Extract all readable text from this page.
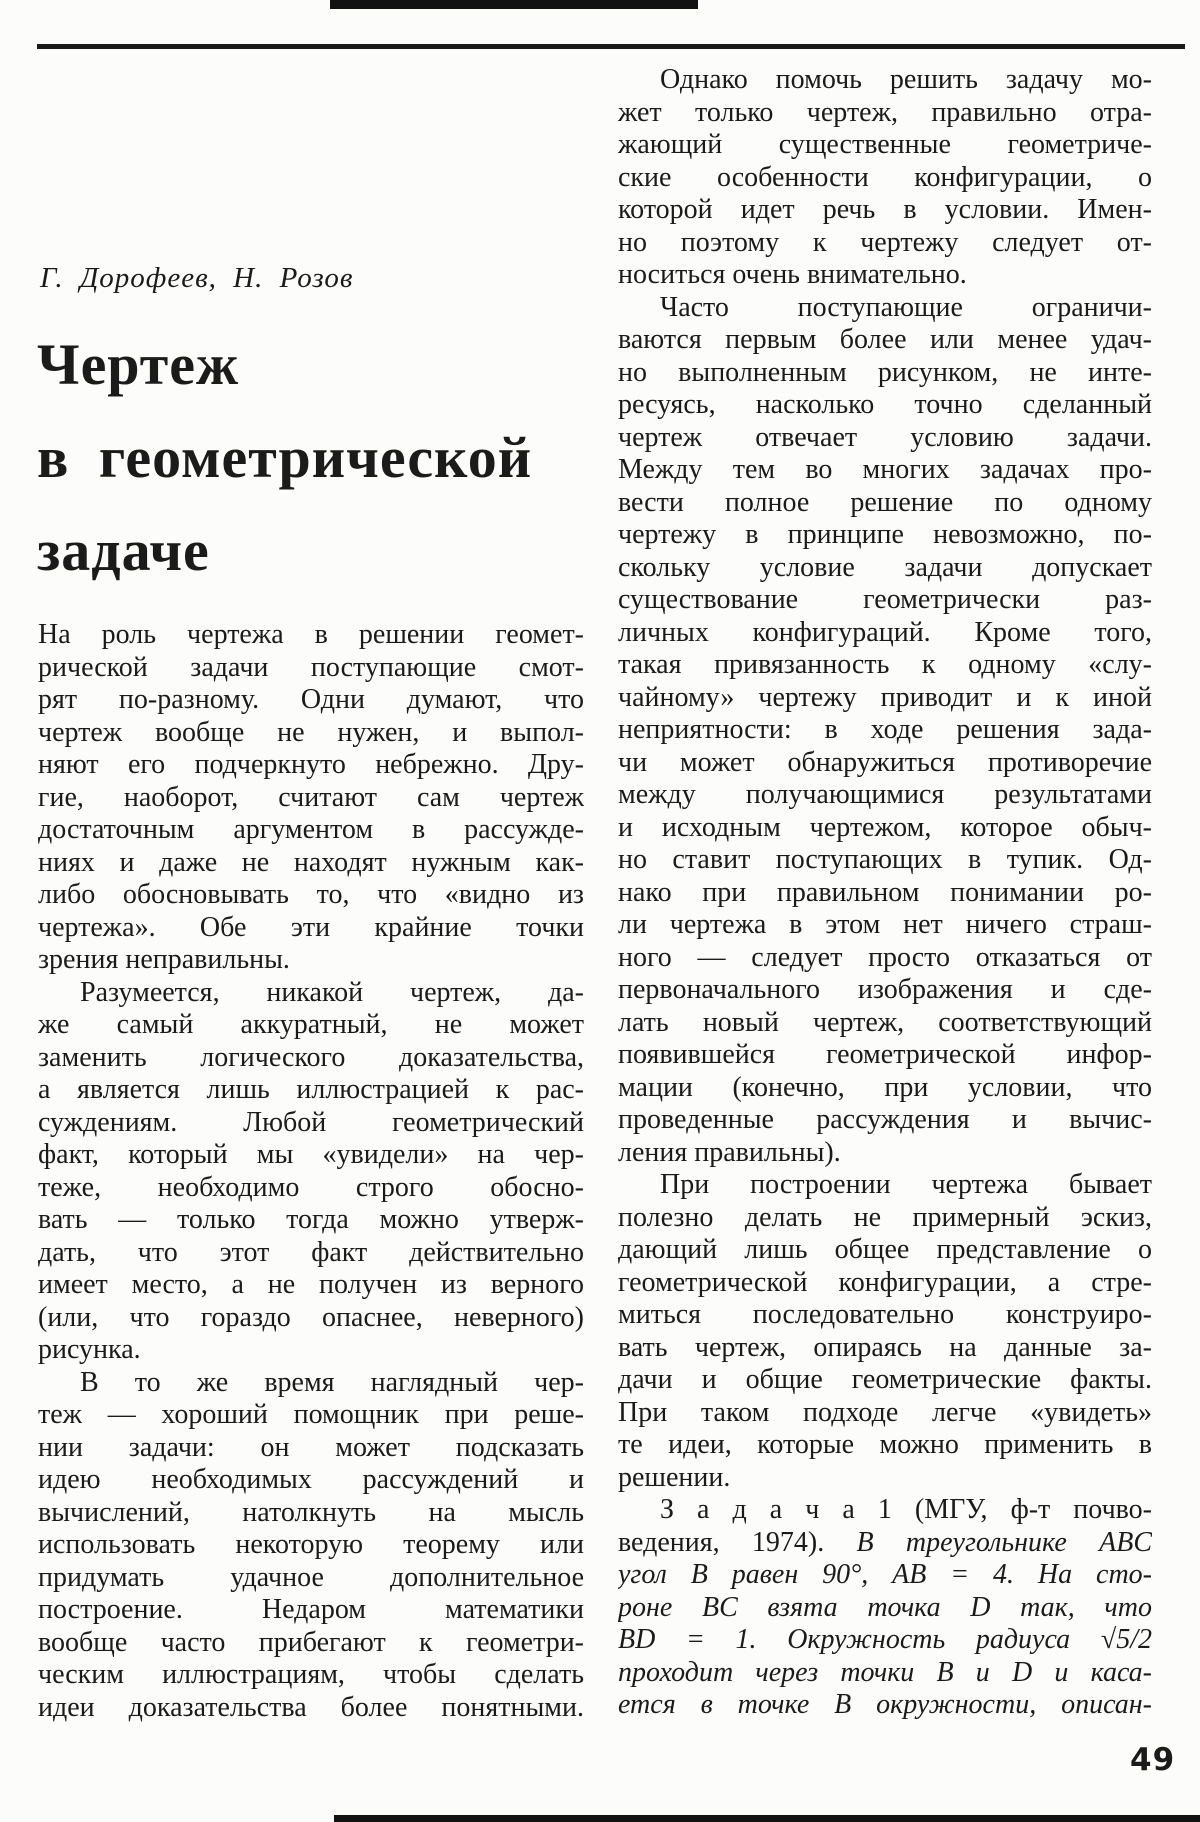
Г. Дорофеев, Н. Розов
Чертеж
в геометрической
задаче
На роль чертежа в решении геомет-
рической задачи поступающие смот-
рят по-разному. Одни думают, что
чертеж вообще не нужен, и выпол-
няют его подчеркнуто небрежно. Дру-
гие, наоборот, считают сам чертеж
достаточным аргументом в рассужде-
ниях и даже не находят нужным как-
либо обосновывать то, что «видно из
чертежа». Обе эти крайние точки
зрения неправильны.
Разумеется, никакой чертеж, да-
же самый аккуратный, не может
заменить логического доказательства,
а является лишь иллюстрацией к рас-
суждениям. Любой геометрический
факт, который мы «увидели» на чер-
теже, необходимо строго обосно-
вать — только тогда можно утверж-
дать, что этот факт действительно
имеет место, а не получен из верного
(или, что гораздо опаснее, неверного)
рисунка.
В то же время наглядный чер-
теж — хороший помощник при реше-
нии задачи: он может подсказать
идею необходимых рассуждений и
вычислений, натолкнуть на мысль
использовать некоторую теорему или
придумать удачное дополнительное
построение. Недаром математики
вообще часто прибегают к геометри-
ческим иллюстрациям, чтобы сделать
идеи доказательства более понятными.
Однако помочь решить задачу мо-
жет только чертеж, правильно отра-
жающий существенные геометриче-
ские особенности конфигурации, о
которой идет речь в условии. Имен-
но поэтому к чертежу следует от-
носиться очень внимательно.
Часто поступающие ограничи-
ваются первым более или менее удач-
но выполненным рисунком, не инте-
ресуясь, насколько точно сделанный
чертеж отвечает условию задачи.
Между тем во многих задачах про-
вести полное решение по одному
чертежу в принципе невозможно, по-
скольку условие задачи допускает
существование геометрически раз-
личных конфигураций. Кроме того,
такая привязанность к одному «слу-
чайному» чертежу приводит и к иной
неприятности: в ходе решения зада-
чи может обнаружиться противоречие
между получающимися результатами
и исходным чертежом, которое обыч-
но ставит поступающих в тупик. Од-
нако при правильном понимании ро-
ли чертежа в этом нет ничего страш-
ного — следует просто отказаться от
первоначального изображения и сде-
лать новый чертеж, соответствующий
появившейся геометрической инфор-
мации (конечно, при условии, что
проведенные рассуждения и вычис-
ления правильны).
При построении чертежа бывает
полезно делать не примерный эскиз,
дающий лишь общее представление о
геометрической конфигурации, а стре-
миться последовательно конструиро-
вать чертеж, опираясь на данные за-
дачи и общие геометрические факты.
При таком подходе легче «увидеть»
те идеи, которые можно применить в
решении.
З а д а ч а 1 (МГУ, ф-т почво-
ведения, 1974). В треугольнике ABC
угол B равен 90°, AB = 4. На сто-
роне BC взята точка D так, что
BD = 1. Окружность радиуса √5/2
проходит через точки B и D и каса-
ется в точке B окружности, описан-
49
